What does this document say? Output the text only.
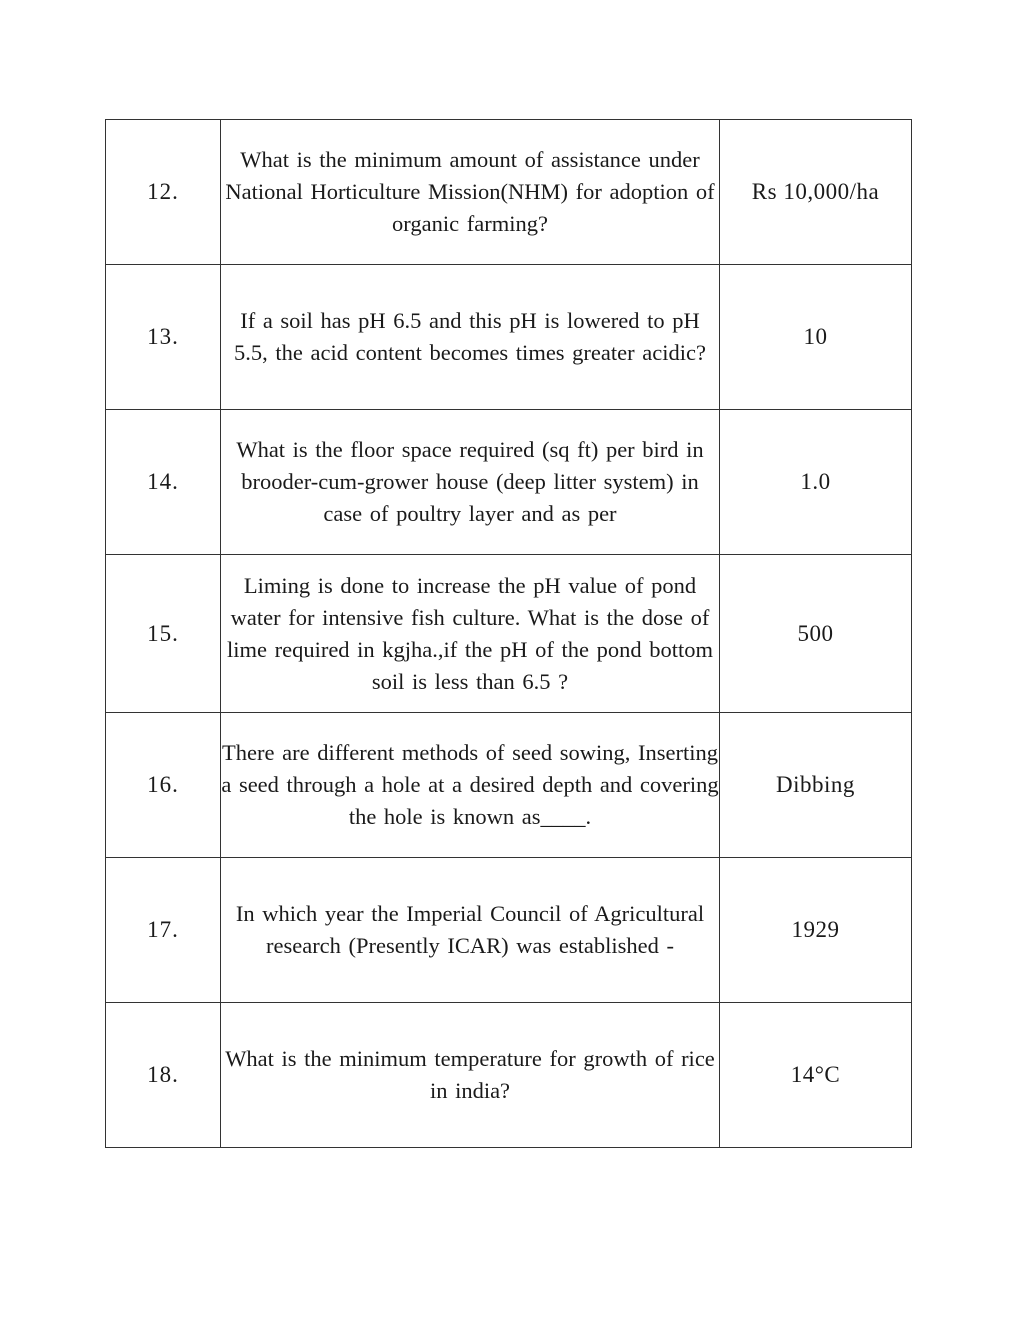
12.	What is the minimum amount of assistance under National Horticulture Mission(NHM) for adoption of organic farming?	Rs 10,000/ha
13.	If a soil has pH 6.5 and this pH is lowered to pH 5.5, the acid content becomes times greater acidic?	10
14.	What is the floor space required (sq ft) per bird in brooder-cum-grower house (deep litter system) in case of poultry layer and as per	1.0
15.	Liming is done to increase the pH value of pond water for intensive fish culture. What is the dose of lime required in kgjha.,if the pH of the pond bottom soil is less than 6.5 ?	500
16.	There are different methods of seed sowing, Inserting a seed through a hole at a desired depth and covering the hole is known as____.	Dibbing
17.	In which year the Imperial Council of Agricultural research (Presently ICAR) was established -	1929
18.	What is the minimum temperature for growth of rice in india?	14°C
